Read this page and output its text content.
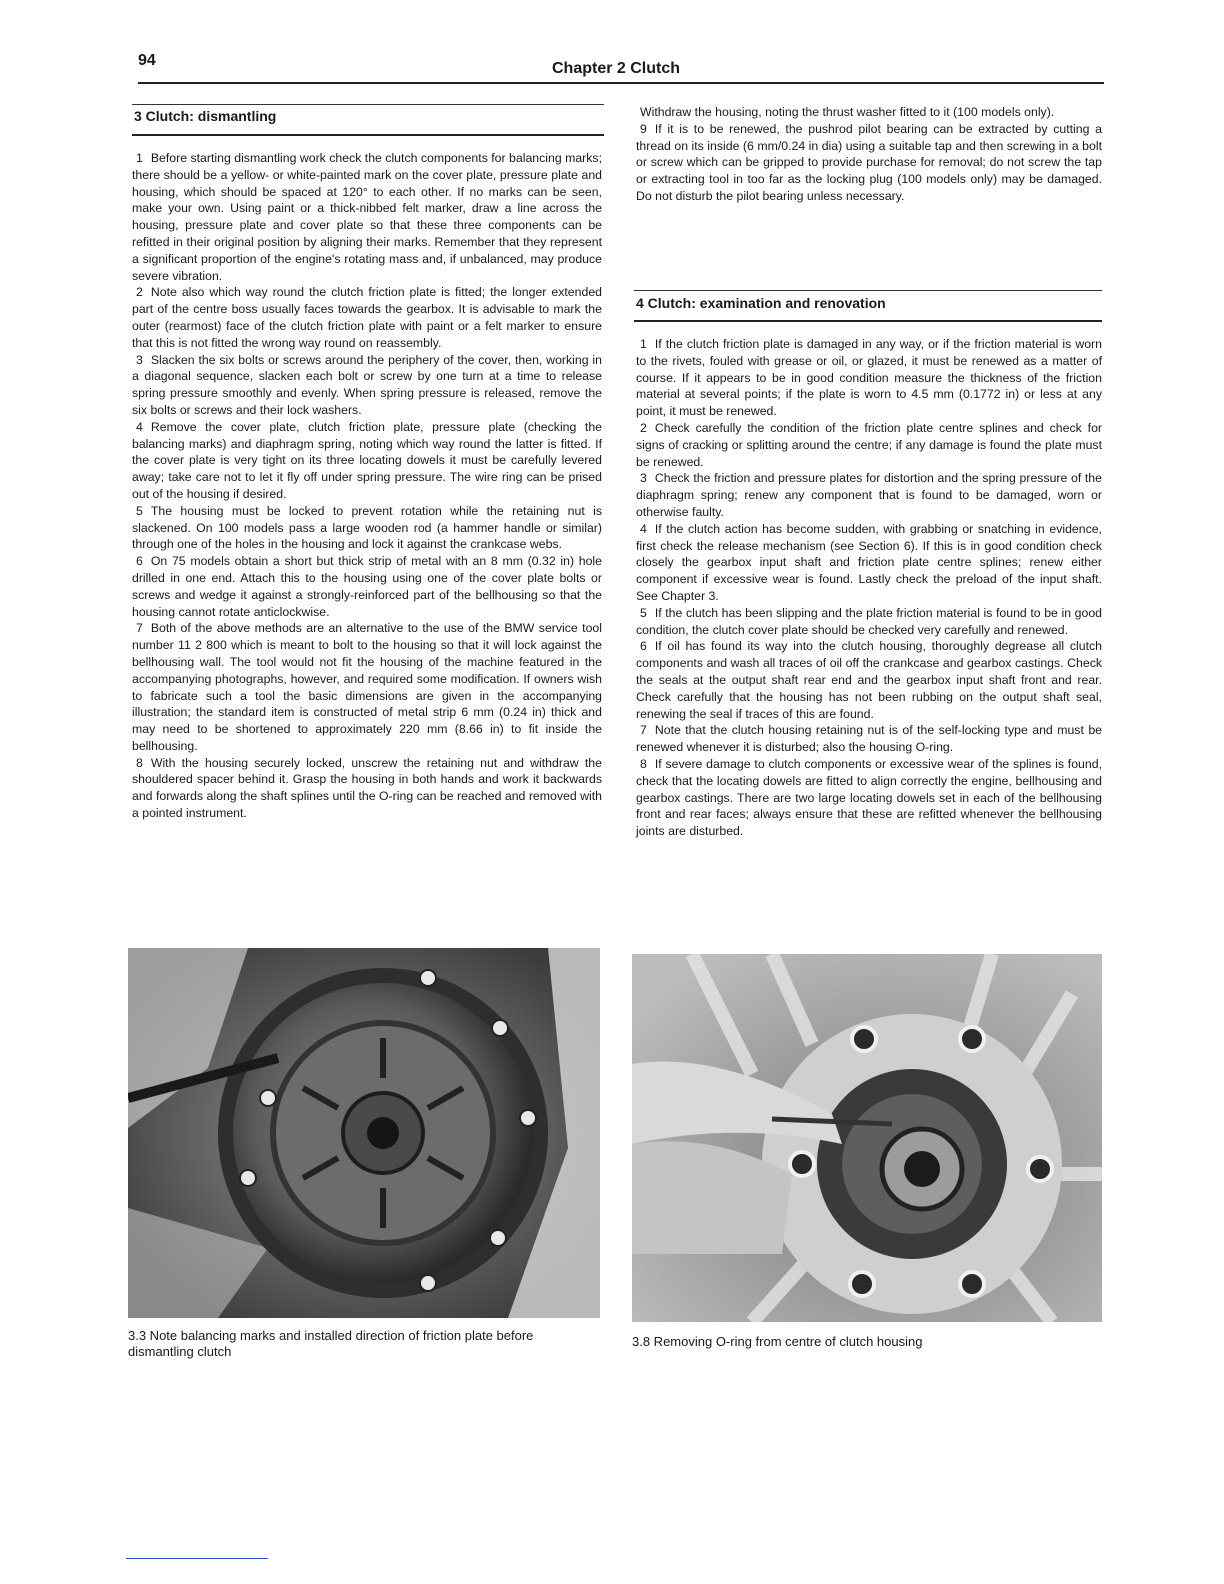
94	Chapter 2 Clutch
3 Clutch: dismantling

1 Before starting dismantling work check the clutch components for balancing marks; there should be a yellow- or white-painted mark on the cover plate, pressure plate and housing, which should be spaced at 120° to each other. If no marks can be seen, make your own. Using paint or a thick-nibbed felt marker, draw a line across the housing, pressure plate and cover plate so that these three components can be refitted in their original position by aligning their marks. Remember that they represent a significant proportion of the engine's rotating mass and, if unbalanced, may produce severe vibration.

2 Note also which way round the clutch friction plate is fitted; the longer extended part of the centre boss usually faces towards the gearbox. It is advisable to mark the outer (rearmost) face of the clutch friction plate with paint or a felt marker to ensure that this is not fitted the wrong way round on reassembly.

3 Slacken the six bolts or screws around the periphery of the cover, then, working in a diagonal sequence, slacken each bolt or screw by one turn at a time to release spring pressure smoothly and evenly. When spring pressure is released, remove the six bolts or screws and their lock washers.

4 Remove the cover plate, clutch friction plate, pressure plate (checking the balancing marks) and diaphragm spring, noting which way round the latter is fitted. If the cover plate is very tight on its three locating dowels it must be carefully levered away; take care not to let it fly off under spring pressure. The wire ring can be prised out of the housing if desired.

5 The housing must be locked to prevent rotation while the retaining nut is slackened. On 100 models pass a large wooden rod (a hammer handle or similar) through one of the holes in the housing and lock it against the crankcase webs.

6 On 75 models obtain a short but thick strip of metal with an 8 mm (0.32 in) hole drilled in one end. Attach this to the housing using one of the cover plate bolts or screws and wedge it against a strongly-reinforced part of the bellhousing so that the housing cannot rotate anticlockwise.

7 Both of the above methods are an alternative to the use of the BMW service tool number 11 2 800 which is meant to bolt to the housing so that it will lock against the bellhousing wall. The tool would not fit the housing of the machine featured in the accompanying photographs, however, and required some modification. If owners wish to fabricate such a tool the basic dimensions are given in the accompanying illustration; the standard item is constructed of metal strip 6 mm (0.24 in) thick and may need to be shortened to approximately 220 mm (8.66 in) to fit inside the bellhousing.

8 With the housing securely locked, unscrew the retaining nut and withdraw the shouldered spacer behind it. Grasp the housing in both hands and work it backwards and forwards along the shaft splines until the O-ring can be reached and removed with a pointed instrument.

Withdraw the housing, noting the thrust washer fitted to it (100 models only).

9 If it is to be renewed, the pushrod pilot bearing can be extracted by cutting a thread on its inside (6 mm/0.24 in dia) using a suitable tap and then screwing in a bolt or screw which can be gripped to provide purchase for removal; do not screw the tap or extracting tool in too far as the locking plug (100 models only) may be damaged. Do not disturb the pilot bearing unless necessary.

4 Clutch: examination and renovation

1 If the clutch friction plate is damaged in any way, or if the friction material is worn to the rivets, fouled with grease or oil, or glazed, it must be renewed as a matter of course. If it appears to be in good condition measure the thickness of the friction material at several points; if the plate is worn to 4.5 mm (0.1772 in) or less at any point, it must be renewed.

2 Check carefully the condition of the friction plate centre splines and check for signs of cracking or splitting around the centre; if any damage is found the plate must be renewed.

3 Check the friction and pressure plates for distortion and the spring pressure of the diaphragm spring; renew any component that is found to be damaged, worn or otherwise faulty.

4 If the clutch action has become sudden, with grabbing or snatching in evidence, first check the release mechanism (see Section 6). If this is in good condition check closely the gearbox input shaft and friction plate centre splines; renew either component if excessive wear is found. Lastly check the preload of the input shaft. See Chapter 3.

5 If the clutch has been slipping and the plate friction material is found to be in good condition, the clutch cover plate should be checked very carefully and renewed.

6 If oil has found its way into the clutch housing, thoroughly degrease all clutch components and wash all traces of oil off the crankcase and gearbox castings. Check the seals at the output shaft rear end and the gearbox input shaft front and rear. Check carefully that the housing has not been rubbing on the output shaft seal, renewing the seal if traces of this are found.

7 Note that the clutch housing retaining nut is of the self-locking type and must be renewed whenever it is disturbed; also the housing O-ring.

8 If severe damage to clutch components or excessive wear of the splines is found, check that the locating dowels are fitted to align correctly the engine, bellhousing and gearbox castings. There are two large locating dowels set in each of the bellhousing front and rear faces; always ensure that these are refitted whenever the bellhousing joints are disturbed.

3.3 Note balancing marks and installed direction of friction plate before dismantling clutch
3.8 Removing O-ring from centre of clutch housing
